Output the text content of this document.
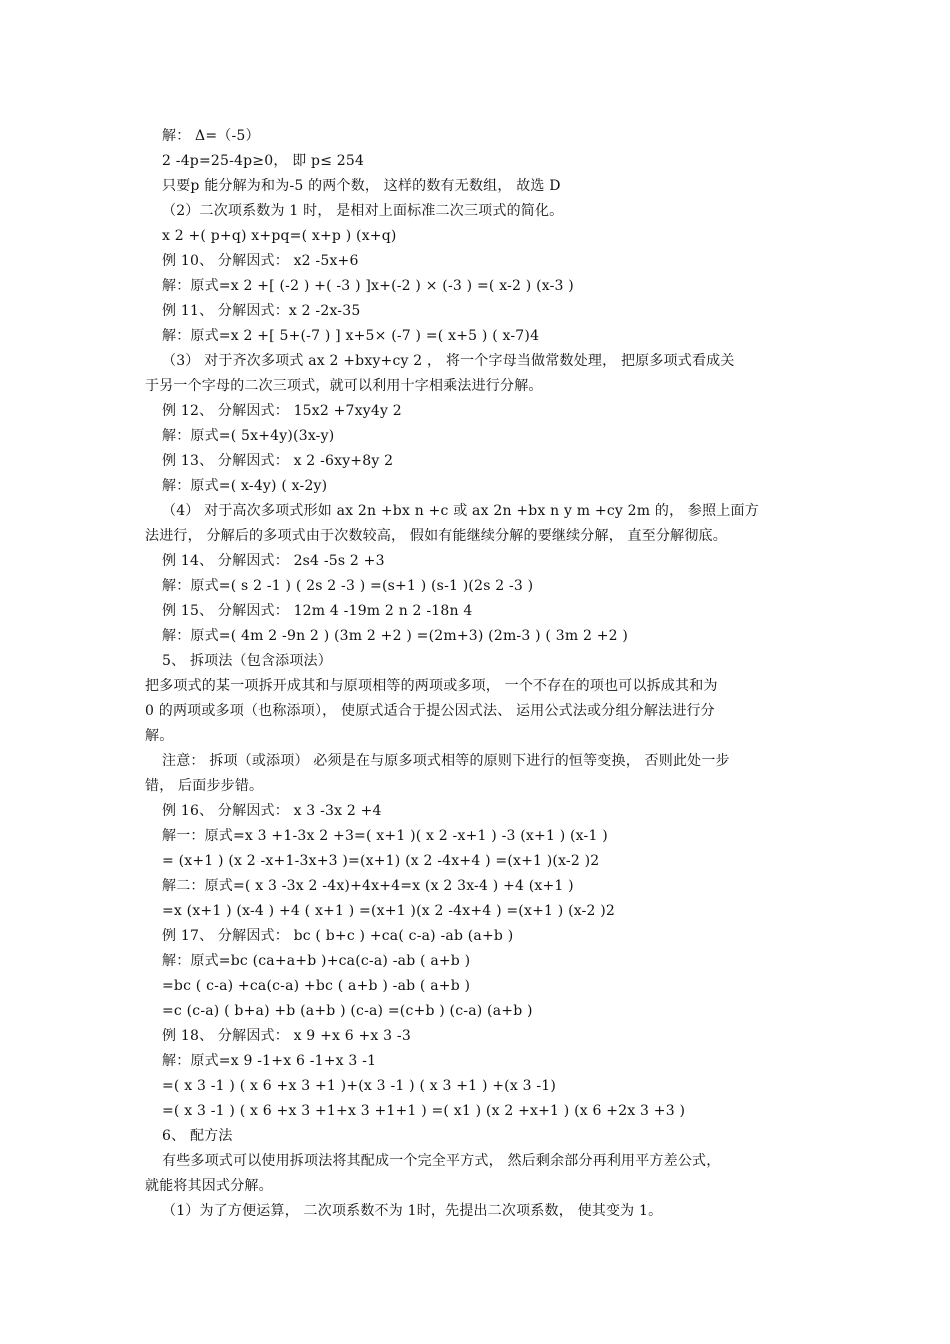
解： Δ=（-5）
2 -4p=25-4p≥0， 即 p≤ 254
只要p 能分解为和为-5 的两个数， 这样的数有无数组， 故选 D
（2）二次项系数为 1 时， 是相对上面标准二次三项式的简化。
x 2 +( p+q) x+pq=( x+p ) (x+q)
例 10、 分解因式： x2 -5x+6
解：原式=x 2 +[ (-2 ) +( -3 ) ]x+(-2 ) × (-3 ) =( x-2 ) (x-3 )
例 11、 分解因式：x 2 -2x-35
解：原式=x 2 +[ 5+(-7 ) ] x+5× (-7 ) =( x+5 ) ( x-7)4
（3） 对于齐次多项式 ax 2 +bxy+cy 2 ， 将一个字母当做常数处理， 把原多项式看成关
于另一个字母的二次三项式，就可以利用十字相乘法进行分解。
例 12、 分解因式： 15x2 +7xy4y 2
解：原式=( 5x+4y)(3x-y)
例 13、 分解因式： x 2 -6xy+8y 2
解：原式=( x-4y) ( x-2y)
（4） 对于高次多项式形如 ax 2n +bx n +c 或 ax 2n +bx n y m +cy 2m 的， 参照上面方
法进行， 分解后的多项式由于次数较高， 假如有能继续分解的要继续分解， 直至分解彻底。
例 14、 分解因式： 2s4 -5s 2 +3
解：原式=( s 2 -1 ) ( 2s 2 -3 ) =(s+1 ) (s-1 )(2s 2 -3 )
例 15、 分解因式： 12m 4 -19m 2 n 2 -18n 4
解：原式=( 4m 2 -9n 2 ) (3m 2 +2 ) =(2m+3) (2m-3 ) ( 3m 2 +2 )
5、 拆项法（包含添项法）
把多项式的某一项拆开成其和与原项相等的两项或多项， 一个不存在的项也可以拆成其和为
0 的两项或多项（也称添项）， 使原式适合于提公因式法、 运用公式法或分组分解法进行分
解。
注意： 拆项（或添项） 必须是在与原多项式相等的原则下进行的恒等变换， 否则此处一步
错， 后面步步错。
例 16、 分解因式： x 3 -3x 2 +4
解一：原式=x 3 +1-3x 2 +3=( x+1 )( x 2 -x+1 ) -3 (x+1 ) (x-1 )
= (x+1 ) (x 2 -x+1-3x+3 )=(x+1) (x 2 -4x+4 ) =(x+1 )(x-2 )2
解二：原式=( x 3 -3x 2 -4x)+4x+4=x (x 2 3x-4 ) +4 (x+1 )
=x (x+1 ) (x-4 ) +4 ( x+1 ) =(x+1 )(x 2 -4x+4 ) =(x+1 ) (x-2 )2
例 17、 分解因式： bc ( b+c ) +ca( c-a) -ab (a+b )
解：原式=bc (ca+a+b )+ca(c-a) -ab ( a+b )
=bc ( c-a) +ca(c-a) +bc ( a+b ) -ab ( a+b )
=c (c-a) ( b+a) +b (a+b ) (c-a) =(c+b ) (c-a) (a+b )
例 18、 分解因式： x 9 +x 6 +x 3 -3
解：原式=x 9 -1+x 6 -1+x 3 -1
=( x 3 -1 ) ( x 6 +x 3 +1 )+(x 3 -1 ) ( x 3 +1 ) +(x 3 -1)
=( x 3 -1 ) ( x 6 +x 3 +1+x 3 +1+1 ) =( x1 ) (x 2 +x+1 ) (x 6 +2x 3 +3 )
6、 配方法
有些多项式可以使用拆项法将其配成一个完全平方式， 然后剩余部分再利用平方差公式，
就能将其因式分解。
（1）为了方便运算， 二次项系数不为 1时，先提出二次项系数， 使其变为 1。
